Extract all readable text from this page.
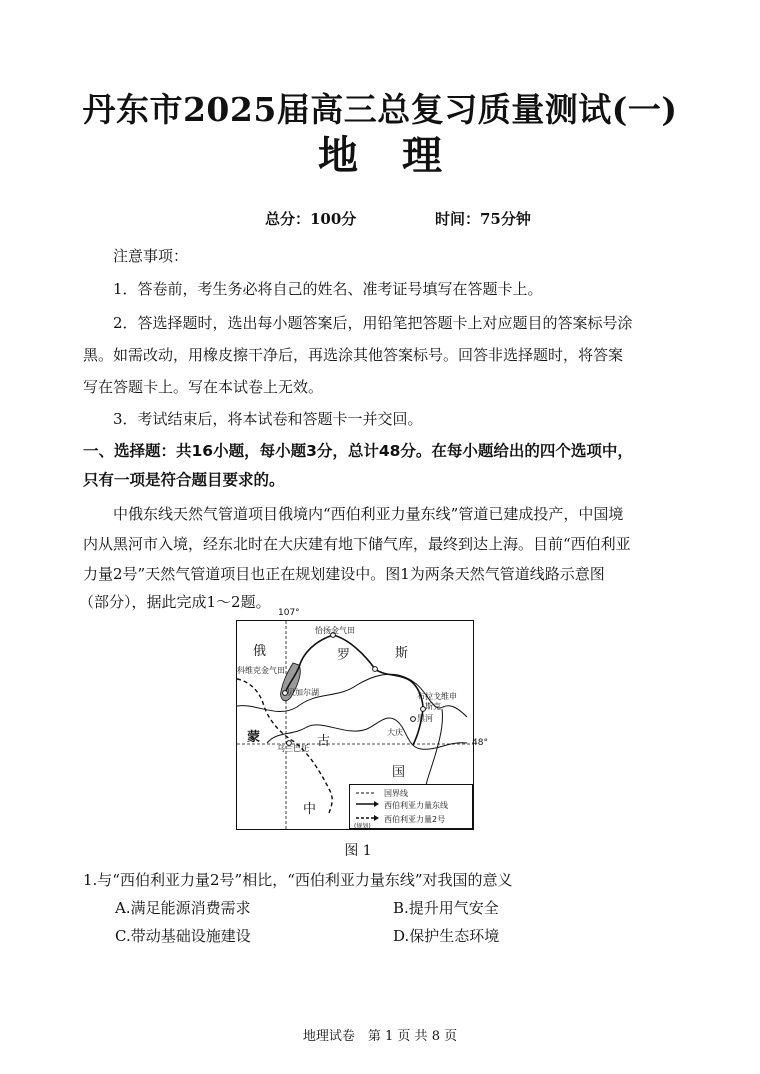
丹东市2025届高三总复习质量测试(一)
地理
总分：100分	时间：75分钟
注意事项：
1．答卷前，考生务必将自己的姓名、准考证号填写在答题卡上。
2．答选择题时，选出每小题答案后，用铅笔把答题卡上对应题目的答案标号涂
黑。如需改动，用橡皮擦干净后，再选涂其他答案标号。回答非选择题时，将答案
写在答题卡上。写在本试卷上无效。
3．考试结束后，将本试卷和答题卡一并交回。
一、选择题：共16小题，每小题3分，总计48分。在每小题给出的四个选项中，
只有一项是符合题目要求的。
中俄东线天然气管道项目俄境内“西伯利亚力量东线”管道已建成投产，中国境
内从黑河市入境，经东北时在大庆建有地下储气库，最终到达上海。目前“西伯利亚
力量2号”天然气管道项目也正在规划建设中。图1为两条天然气管道线路示意图
（部分），据此完成1～2题。
107°
恰扬金气田
科维克金气田
贝加尔湖	布拉戈维申
斯克
黑河
大庆
乌兰巴托
俄	罗	斯
蒙	古
国
中
48°
国界线
西伯利亚力量东线
(规划)
西伯利亚力量2号
图 1
1.与“西伯利亚力量2号”相比，“西伯利亚力量东线”对我国的意义
A.满足能源消费需求	B.提升用气安全
C.带动基础设施建设	D.保护生态环境
地理试卷　第 1 页 共 8 页
